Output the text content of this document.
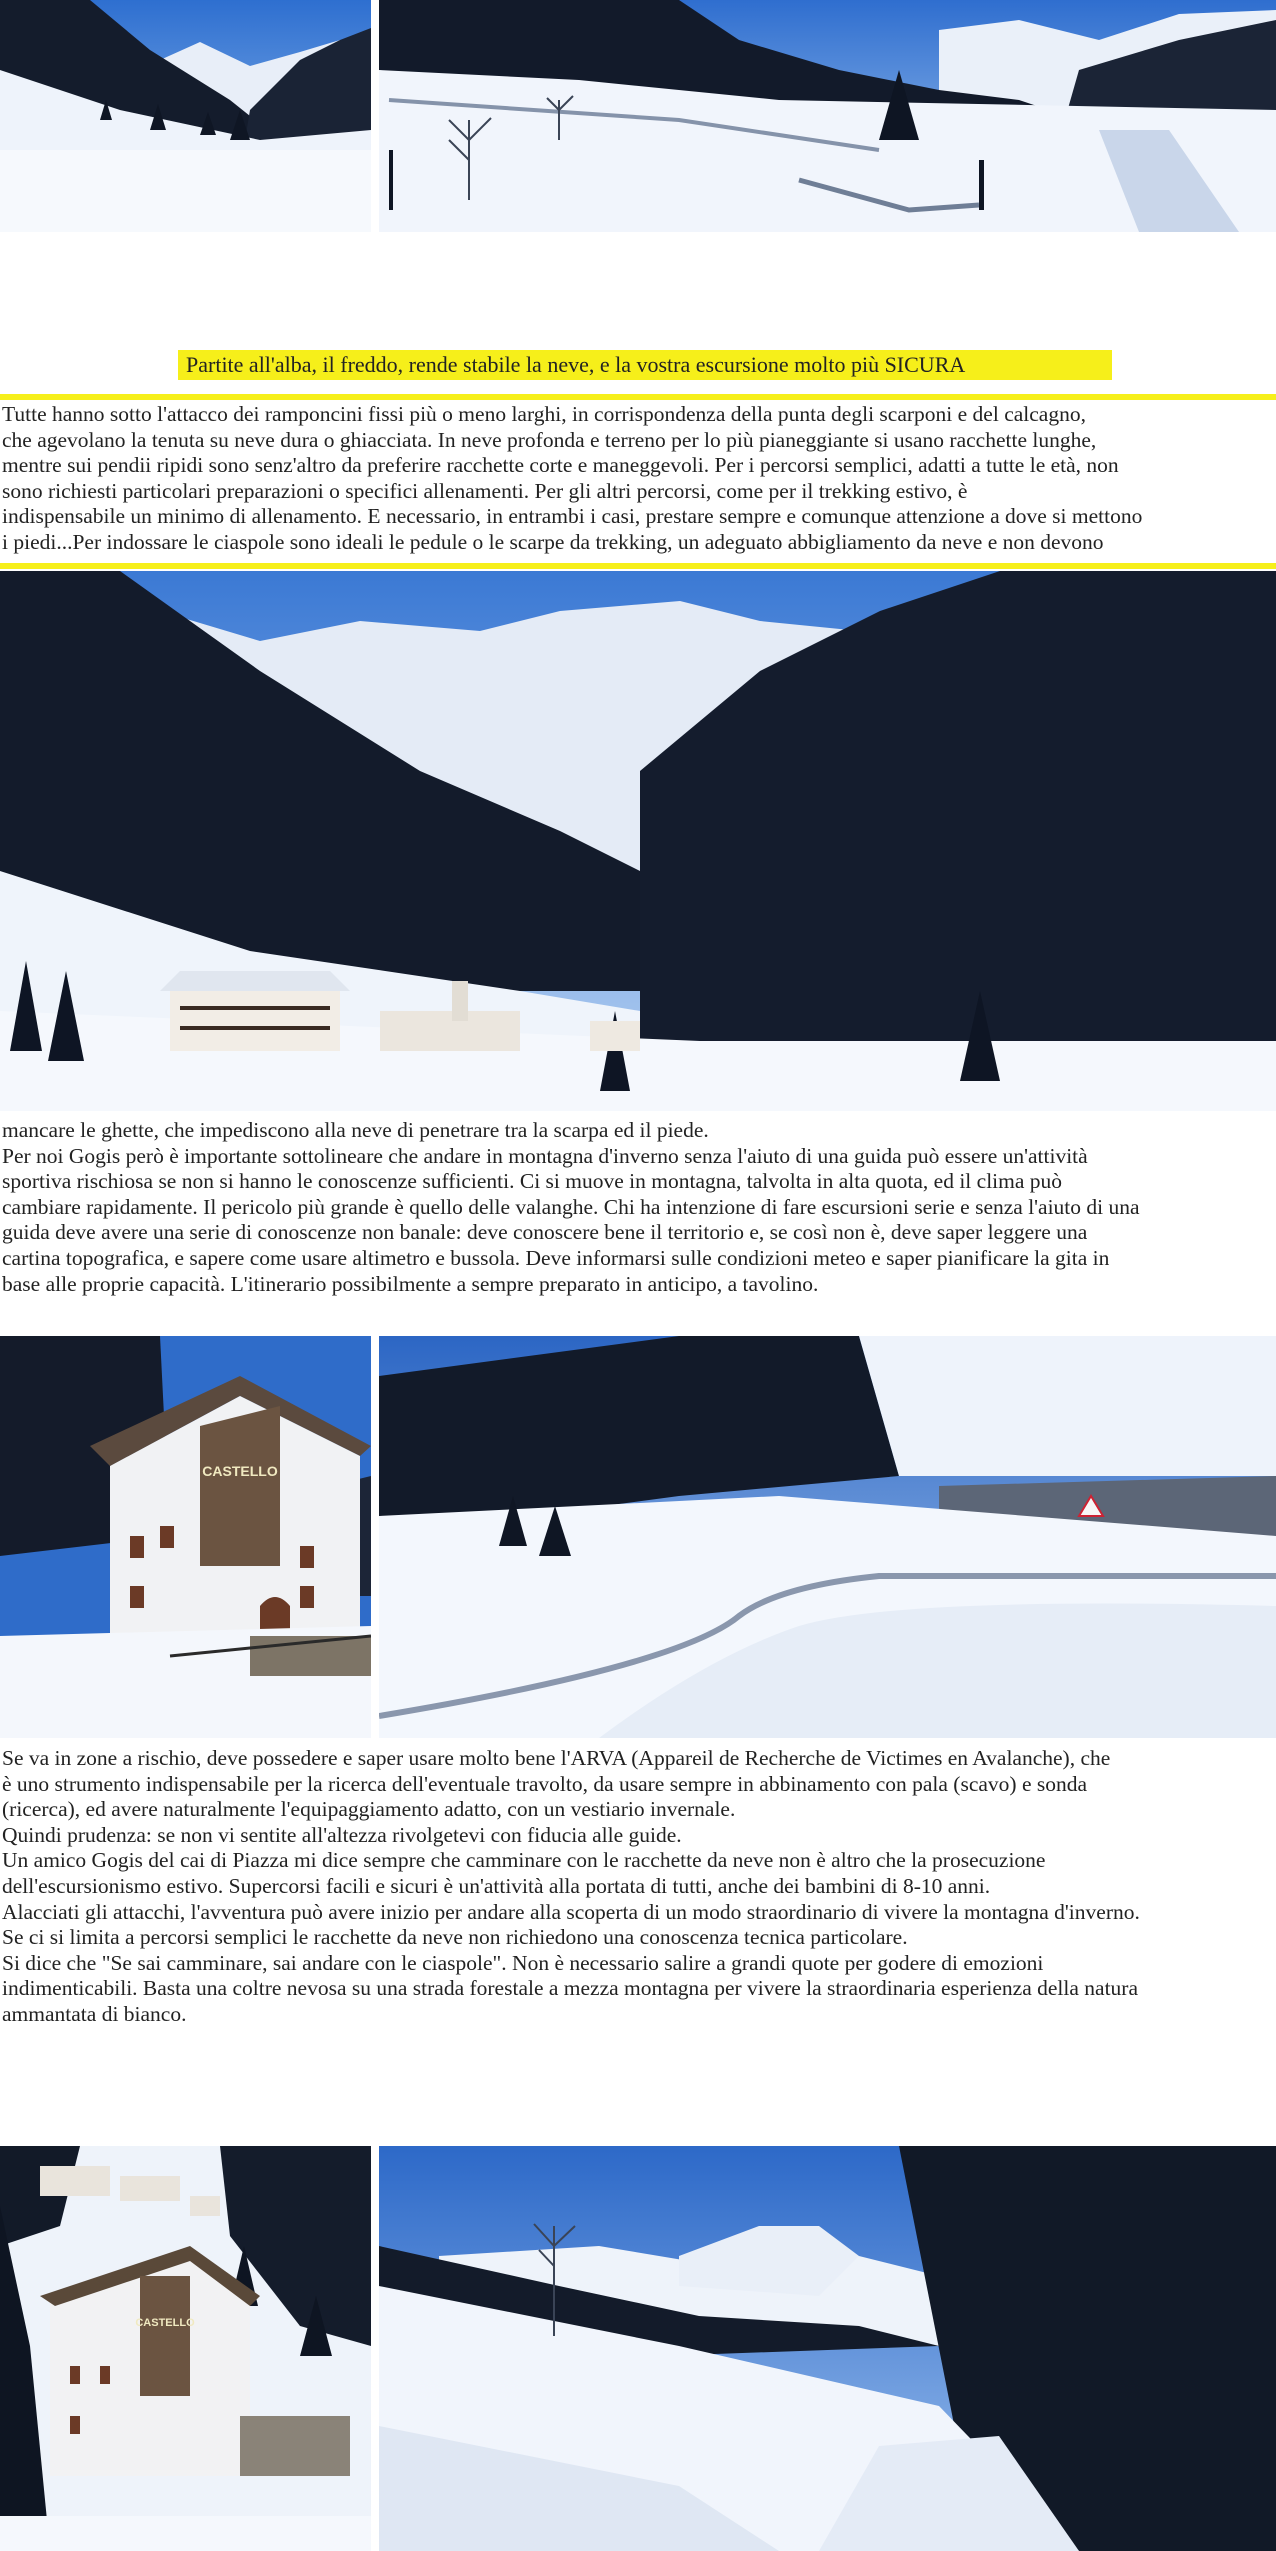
Partite all'alba, il freddo, rende stabile la neve, e la vostra escursione molto più SICURA
Tutte hanno sotto l'attacco dei ramponcini fissi più o meno larghi, in corrispondenza della punta degli scarponi e del calcagno,
che agevolano la tenuta su neve dura o ghiacciata. In neve profonda e terreno per lo più pianeggiante si usano racchette lunghe,
mentre sui pendii ripidi sono senz'altro da preferire racchette corte e maneggevoli. Per i percorsi semplici, adatti a tutte le età, non
sono richiesti particolari preparazioni o specifici allenamenti. Per gli altri percorsi, come per il trekking estivo, è
indispensabile un minimo di allenamento. E necessario, in entrambi i casi, prestare sempre e comunque attenzione a dove si mettono
i piedi...Per indossare le ciaspole sono ideali le pedule o le scarpe da trekking, un adeguato abbigliamento da neve e non devono
mancare le ghette, che impediscono alla neve di penetrare tra la scarpa ed il piede.
Per noi Gogis però è importante sottolineare che andare in montagna d'inverno senza l'aiuto di una guida può essere un'attività
sportiva rischiosa se non si hanno le conoscenze sufficienti. Ci si muove in montagna, talvolta in alta quota, ed il clima può
cambiare rapidamente. Il pericolo più grande è quello delle valanghe. Chi ha intenzione di fare escursioni serie e senza l'aiuto di una
guida deve avere una serie di conoscenze non banale: deve conoscere bene il territorio e, se così non è, deve saper leggere una
cartina topografica, e sapere come usare altimetro e bussola. Deve informarsi sulle condizioni meteo e saper pianificare la gita in
base alle proprie capacità. L'itinerario possibilmente a sempre preparato in anticipo, a tavolino.
CASTELLO
Se va in zone a rischio, deve possedere e saper usare molto bene l'ARVA (Appareil de Recherche de Victimes en Avalanche), che
è uno strumento indispensabile per la ricerca dell'eventuale travolto, da usare sempre in abbinamento con pala (scavo) e sonda
(ricerca), ed avere naturalmente l'equipaggiamento adatto, con un vestiario invernale.
Quindi prudenza: se non vi sentite all'altezza rivolgetevi con fiducia alle guide.
Un amico Gogis del cai di Piazza mi dice sempre che camminare con le racchette da neve non è altro che la prosecuzione
dell'escursionismo estivo. Supercorsi facili e sicuri è un'attività alla portata di tutti, anche dei bambini di 8-10 anni.
Alacciati gli attacchi, l'avventura può avere inizio per andare alla scoperta di un modo straordinario di vivere la montagna d'inverno.
Se ci si limita a percorsi semplici le racchette da neve non richiedono una conoscenza tecnica particolare.
Si dice che "Se sai camminare, sai andare con le ciaspole". Non è necessario salire a grandi quote per godere di emozioni
indimenticabili. Basta una coltre nevosa su una strada forestale a mezza montagna per vivere la straordinaria esperienza della natura
ammantata di bianco.
CASTELLO
